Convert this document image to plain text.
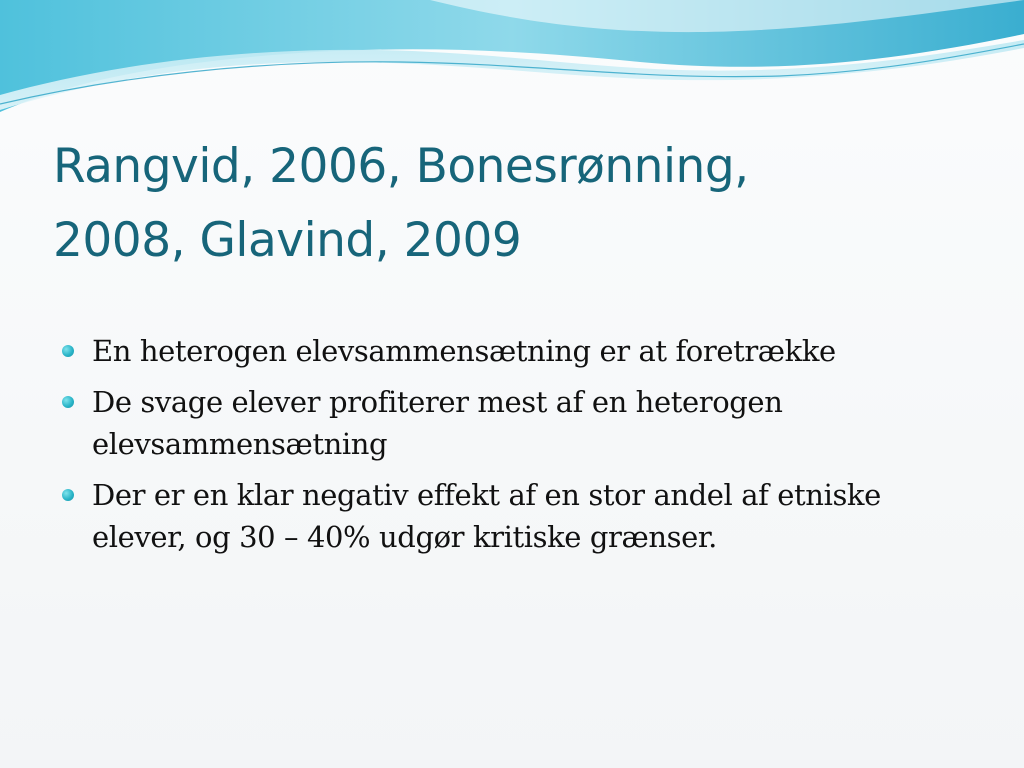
Rangvid, 2006, Bonesrønning,
2008, Glavind, 2009
En heterogen elevsammensætning er at foretrække
De svage elever profiterer mest af en heterogen elevsammensætning
Der er en klar negativ effekt af en stor andel af etniske elever, og 30 – 40% udgør kritiske grænser.
